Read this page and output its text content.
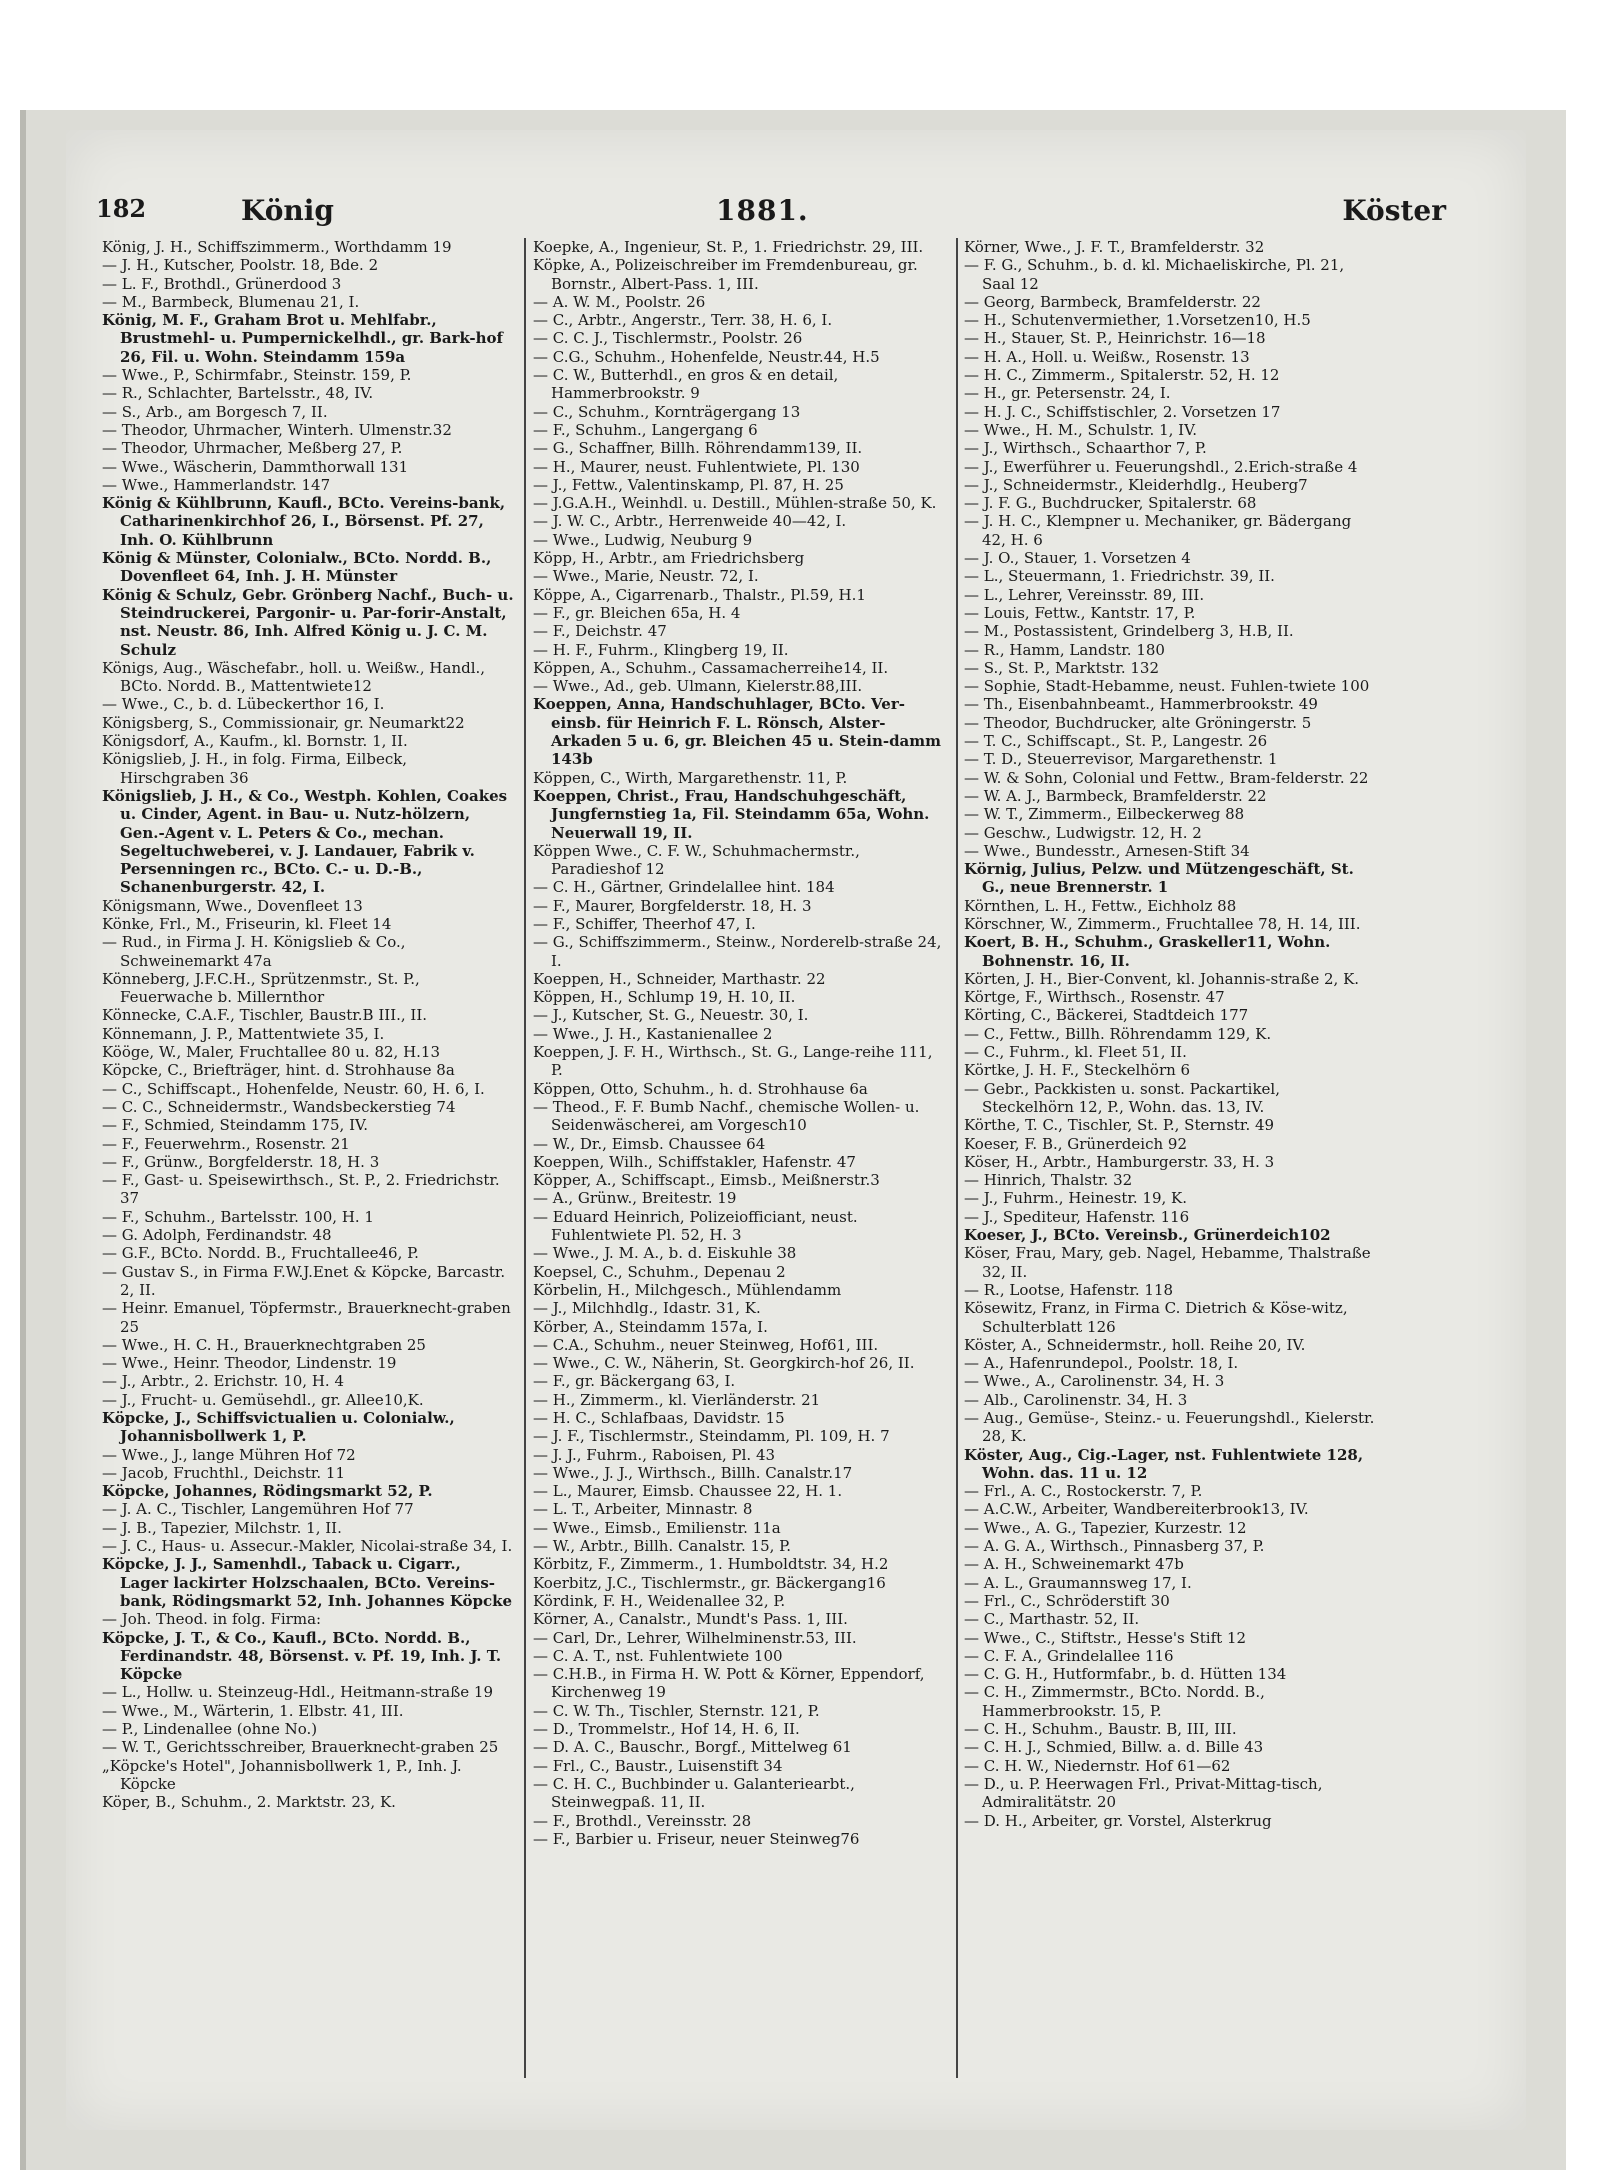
182	König	1881.	Köster
König, J. H., Schiffszimmerm., Worthdamm 19
— J. H., Kutscher, Poolstr. 18, Bde. 2
— L. F., Brothdl., Grünerdood 3
— M., Barmbeck, Blumenau 21, I.
König, M. F., Graham Brot u. Mehlfabr., Brustmehl- u. Pumpernickelhdl., gr. Bark-hof 26, Fil. u. Wohn. Steindamm 159a
— Wwe., P., Schirmfabr., Steinstr. 159, P.
— R., Schlachter, Bartelsstr., 48, IV.
— S., Arb., am Borgesch 7, II.
— Theodor, Uhrmacher, Winterh. Ulmenstr.32
— Theodor, Uhrmacher, Meßberg 27, P.
— Wwe., Wäscherin, Dammthorwall 131
— Wwe., Hammerlandstr. 147
König & Kühlbrunn, Kaufl., BCto. Vereins-bank, Catharinenkirchhof 26, I., Börsenst. Pf. 27, Inh. O. Kühlbrunn
König & Münster, Colonialw., BCto. Nordd. B., Dovenfleet 64, Inh. J. H. Münster
König & Schulz, Gebr. Grönberg Nachf., Buch- u. Steindruckerei, Pargonir- u. Par-forir-Anstalt, nst. Neustr. 86, Inh. Alfred König u. J. C. M. Schulz
Königs, Aug., Wäschefabr., holl. u. Weißw., Handl., BCto. Nordd. B., Mattentwiete12
— Wwe., C., b. d. Lübeckerthor 16, I.
Königsberg, S., Commissionair, gr. Neumarkt22
Königsdorf, A., Kaufm., kl. Bornstr. 1, II.
Königslieb, J. H., in folg. Firma, Eilbeck, Hirschgraben 36
Königslieb, J. H., & Co., Westph. Kohlen, Coakes u. Cinder, Agent. in Bau- u. Nutz-hölzern, Gen.-Agent v. L. Peters & Co., mechan. Segeltuchweberei, v. J. Landauer, Fabrik v. Persenningen rc., BCto. C.- u. D.-B., Schanenburgerstr. 42, I.
Königsmann, Wwe., Dovenfleet 13
Könke, Frl., M., Friseurin, kl. Fleet 14
— Rud., in Firma J. H. Königslieb & Co., Schweinemarkt 47a
Könneberg, J.F.C.H., Sprützenmstr., St. P., Feuerwache b. Millernthor
Könnecke, C.A.F., Tischler, Baustr.B III., II.
Könnemann, J. P., Mattentwiete 35, I.
Kööge, W., Maler, Fruchtallee 80 u. 82, H.13
Köpcke, C., Briefträger, hint. d. Strohhause 8a
— C., Schiffscapt., Hohenfelde, Neustr. 60, H. 6, I.
— C. C., Schneidermstr., Wandsbeckerstieg 74
— F., Schmied, Steindamm 175, IV.
— F., Feuerwehrm., Rosenstr. 21
— F., Grünw., Borgfelderstr. 18, H. 3
— F., Gast- u. Speisewirthsch., St. P., 2. Friedrichstr. 37
— F., Schuhm., Bartelsstr. 100, H. 1
— G. Adolph, Ferdinandstr. 48
— G.F., BCto. Nordd. B., Fruchtallee46, P.
— Gustav S., in Firma F.W.J.Enet & Köpcke, Barcastr. 2, II.
— Heinr. Emanuel, Töpfermstr., Brauerknecht-graben 25
— Wwe., H. C. H., Brauerknechtgraben 25
— Wwe., Heinr. Theodor, Lindenstr. 19
— J., Arbtr., 2. Erichstr. 10, H. 4
— J., Frucht- u. Gemüsehdl., gr. Allee10,K.
Köpcke, J., Schiffsvictualien u. Colonialw., Johannisbollwerk 1, P.
— Wwe., J., lange Mühren Hof 72
— Jacob, Fruchthl., Deichstr. 11
Köpcke, Johannes, Rödingsmarkt 52, P.
— J. A. C., Tischler, Langemühren Hof 77
— J. B., Tapezier, Milchstr. 1, II.
— J. C., Haus- u. Assecur.-Makler, Nicolai-straße 34, I.
Köpcke, J. J., Samenhdl., Taback u. Cigarr., Lager lackirter Holzschaalen, BCto. Vereins-bank, Rödingsmarkt 52, Inh. Johannes Köpcke
— Joh. Theod. in folg. Firma:
Köpcke, J. T., & Co., Kaufl., BCto. Nordd. B., Ferdinandstr. 48, Börsenst. v. Pf. 19, Inh. J. T. Köpcke
— L., Hollw. u. Steinzeug-Hdl., Heitmann-straße 19
— Wwe., M., Wärterin, 1. Elbstr. 41, III.
— P., Lindenallee (ohne No.)
— W. T., Gerichtsschreiber, Brauerknecht-graben 25
„Köpcke's Hotel", Johannisbollwerk 1, P., Inh. J. Köpcke
Köper, B., Schuhm., 2. Marktstr. 23, K.
Koepke, A., Ingenieur, St. P., 1. Friedrichstr. 29, III.
Köpke, A., Polizeischreiber im Fremdenbureau, gr. Bornstr., Albert-Pass. 1, III.
— A. W. M., Poolstr. 26
— C., Arbtr., Angerstr., Terr. 38, H. 6, I.
— C. C. J., Tischlermstr., Poolstr. 26
— C.G., Schuhm., Hohenfelde, Neustr.44, H.5
— C. W., Butterhdl., en gros & en detail, Hammerbrookstr. 9
— C., Schuhm., Kornträgergang 13
— F., Schuhm., Langergang 6
— G., Schaffner, Billh. Röhrendamm139, II.
— H., Maurer, neust. Fuhlentwiete, Pl. 130
— J., Fettw., Valentinskamp, Pl. 87, H. 25
— J.G.A.H., Weinhdl. u. Destill., Mühlen-straße 50, K.
— J. W. C., Arbtr., Herrenweide 40—42, I.
— Wwe., Ludwig, Neuburg 9
Köpp, H., Arbtr., am Friedrichsberg
— Wwe., Marie, Neustr. 72, I.
Köppe, A., Cigarrenarb., Thalstr., Pl.59, H.1
— F., gr. Bleichen 65a, H. 4
— F., Deichstr. 47
— H. F., Fuhrm., Klingberg 19, II.
Köppen, A., Schuhm., Cassamacherreihe14, II.
— Wwe., Ad., geb. Ulmann, Kielerstr.88,III.
Koeppen, Anna, Handschuhlager, BCto. Ver-einsb. für Heinrich F. L. Rönsch, Alster-Arkaden 5 u. 6, gr. Bleichen 45 u. Stein-damm 143b
Köppen, C., Wirth, Margarethenstr. 11, P.
Koeppen, Christ., Frau, Handschuhgeschäft, Jungfernstieg 1a, Fil. Steindamm 65a, Wohn. Neuerwall 19, II.
Köppen Wwe., C. F. W., Schuhmachermstr., Paradieshof 12
— C. H., Gärtner, Grindelallee hint. 184
— F., Maurer, Borgfelderstr. 18, H. 3
— F., Schiffer, Theerhof 47, I.
— G., Schiffszimmerm., Steinw., Norderelb-straße 24, I.
Koeppen, H., Schneider, Marthastr. 22
Köppen, H., Schlump 19, H. 10, II.
— J., Kutscher, St. G., Neuestr. 30, I.
— Wwe., J. H., Kastanienallee 2
Koeppen, J. F. H., Wirthsch., St. G., Lange-reihe 111, P.
Köppen, Otto, Schuhm., h. d. Strohhause 6a
— Theod., F. F. Bumb Nachf., chemische Wollen- u. Seidenwäscherei, am Vorgesch10
— W., Dr., Eimsb. Chaussee 64
Koeppen, Wilh., Schiffstakler, Hafenstr. 47
Köpper, A., Schiffscapt., Eimsb., Meißnerstr.3
— A., Grünw., Breitestr. 19
— Eduard Heinrich, Polizeiofficiant, neust. Fuhlentwiete Pl. 52, H. 3
— Wwe., J. M. A., b. d. Eiskuhle 38
Koepsel, C., Schuhm., Depenau 2
Körbelin, H., Milchgesch., Mühlendamm
— J., Milchhdlg., Idastr. 31, K.
Körber, A., Steindamm 157a, I.
— C.A., Schuhm., neuer Steinweg, Hof61, III.
— Wwe., C. W., Näherin, St. Georgkirch-hof 26, II.
— F., gr. Bäckergang 63, I.
— H., Zimmerm., kl. Vierländerstr. 21
— H. C., Schlafbaas, Davidstr. 15
— J. F., Tischlermstr., Steindamm, Pl. 109, H. 7
— J. J., Fuhrm., Raboisen, Pl. 43
— Wwe., J. J., Wirthsch., Billh. Canalstr.17
— L., Maurer, Eimsb. Chaussee 22, H. 1.
— L. T., Arbeiter, Minnastr. 8
— Wwe., Eimsb., Emilienstr. 11a
— W., Arbtr., Billh. Canalstr. 15, P.
Körbitz, F., Zimmerm., 1. Humboldtstr. 34, H.2
Koerbitz, J.C., Tischlermstr., gr. Bäckergang16
Kördink, F. H., Weidenallee 32, P.
Körner, A., Canalstr., Mundt's Pass. 1, III.
— Carl, Dr., Lehrer, Wilhelminenstr.53, III.
— C. A. T., nst. Fuhlentwiete 100
— C.H.B., in Firma H. W. Pott & Körner, Eppendorf, Kirchenweg 19
— C. W. Th., Tischler, Sternstr. 121, P.
— D., Trommelstr., Hof 14, H. 6, II.
— D. A. C., Bauschr., Borgf., Mittelweg 61
— Frl., C., Baustr., Luisenstift 34
— C. H. C., Buchbinder u. Galanteriearbt., Steinwegpaß. 11, II.
— F., Brothdl., Vereinsstr. 28
— F., Barbier u. Friseur, neuer Steinweg76
Körner, Wwe., J. F. T., Bramfelderstr. 32
— F. G., Schuhm., b. d. kl. Michaeliskirche, Pl. 21, Saal 12
— Georg, Barmbeck, Bramfelderstr. 22
— H., Schutenvermiether, 1.Vorsetzen10, H.5
— H., Stauer, St. P., Heinrichstr. 16—18
— H. A., Holl. u. Weißw., Rosenstr. 13
— H. C., Zimmerm., Spitalerstr. 52, H. 12
— H., gr. Petersenstr. 24, I.
— H. J. C., Schiffstischler, 2. Vorsetzen 17
— Wwe., H. M., Schulstr. 1, IV.
— J., Wirthsch., Schaarthor 7, P.
— J., Ewerführer u. Feuerungshdl., 2.Erich-straße 4
— J., Schneidermstr., Kleiderhdlg., Heuberg7
— J. F. G., Buchdrucker, Spitalerstr. 68
— J. H. C., Klempner u. Mechaniker, gr. Bädergang 42, H. 6
— J. O., Stauer, 1. Vorsetzen 4
— L., Steuermann, 1. Friedrichstr. 39, II.
— L., Lehrer, Vereinsstr. 89, III.
— Louis, Fettw., Kantstr. 17, P.
— M., Postassistent, Grindelberg 3, H.B, II.
— R., Hamm, Landstr. 180
— S., St. P., Marktstr. 132
— Sophie, Stadt-Hebamme, neust. Fuhlen-twiete 100
— Th., Eisenbahnbeamt., Hammerbrookstr. 49
— Theodor, Buchdrucker, alte Gröningerstr. 5
— T. C., Schiffscapt., St. P., Langestr. 26
— T. D., Steuerrevisor, Margarethenstr. 1
— W. & Sohn, Colonial und Fettw., Bram-felderstr. 22
— W. A. J., Barmbeck, Bramfelderstr. 22
— W. T., Zimmerm., Eilbeckerweg 88
— Geschw., Ludwigstr. 12, H. 2
— Wwe., Bundesstr., Arnesen-Stift 34
Körnig, Julius, Pelzw. und Mützengeschäft, St. G., neue Brennerstr. 1
Körnthen, L. H., Fettw., Eichholz 88
Körschner, W., Zimmerm., Fruchtallee 78, H. 14, III.
Koert, B. H., Schuhm., Graskeller11, Wohn. Bohnenstr. 16, II.
Körten, J. H., Bier-Convent, kl. Johannis-straße 2, K.
Körtge, F., Wirthsch., Rosenstr. 47
Körting, C., Bäckerei, Stadtdeich 177
— C., Fettw., Billh. Röhrendamm 129, K.
— C., Fuhrm., kl. Fleet 51, II.
Körtke, J. H. F., Steckelhörn 6
— Gebr., Packkisten u. sonst. Packartikel, Steckelhörn 12, P., Wohn. das. 13, IV.
Körthe, T. C., Tischler, St. P., Sternstr. 49
Koeser, F. B., Grünerdeich 92
Köser, H., Arbtr., Hamburgerstr. 33, H. 3
— Hinrich, Thalstr. 32
— J., Fuhrm., Heinestr. 19, K.
— J., Spediteur, Hafenstr. 116
Koeser, J., BCto. Vereinsb., Grünerdeich102
Köser, Frau, Mary, geb. Nagel, Hebamme, Thalstraße 32, II.
— R., Lootse, Hafenstr. 118
Kösewitz, Franz, in Firma C. Dietrich & Köse-witz, Schulterblatt 126
Köster, A., Schneidermstr., holl. Reihe 20, IV.
— A., Hafenrundepol., Poolstr. 18, I.
— Wwe., A., Carolinenstr. 34, H. 3
— Alb., Carolinenstr. 34, H. 3
— Aug., Gemüse-, Steinz.- u. Feuerungshdl., Kielerstr. 28, K.
Köster, Aug., Cig.-Lager, nst. Fuhlentwiete 128, Wohn. das. 11 u. 12
— Frl., A. C., Rostockerstr. 7, P.
— A.C.W., Arbeiter, Wandbereiterbrook13, IV.
— Wwe., A. G., Tapezier, Kurzestr. 12
— A. G. A., Wirthsch., Pinnasberg 37, P.
— A. H., Schweinemarkt 47b
— A. L., Graumannsweg 17, I.
— Frl., C., Schröderstift 30
— C., Marthastr. 52, II.
— Wwe., C., Stiftstr., Hesse's Stift 12
— C. F. A., Grindelallee 116
— C. G. H., Hutformfabr., b. d. Hütten 134
— C. H., Zimmermstr., BCto. Nordd. B., Hammerbrookstr. 15, P.
— C. H., Schuhm., Baustr. B, III, III.
— C. H. J., Schmied, Billw. a. d. Bille 43
— C. H. W., Niedernstr. Hof 61—62
— D., u. P. Heerwagen Frl., Privat-Mittag-tisch, Admiralitätstr. 20
— D. H., Arbeiter, gr. Vorstel, Alsterkrug
